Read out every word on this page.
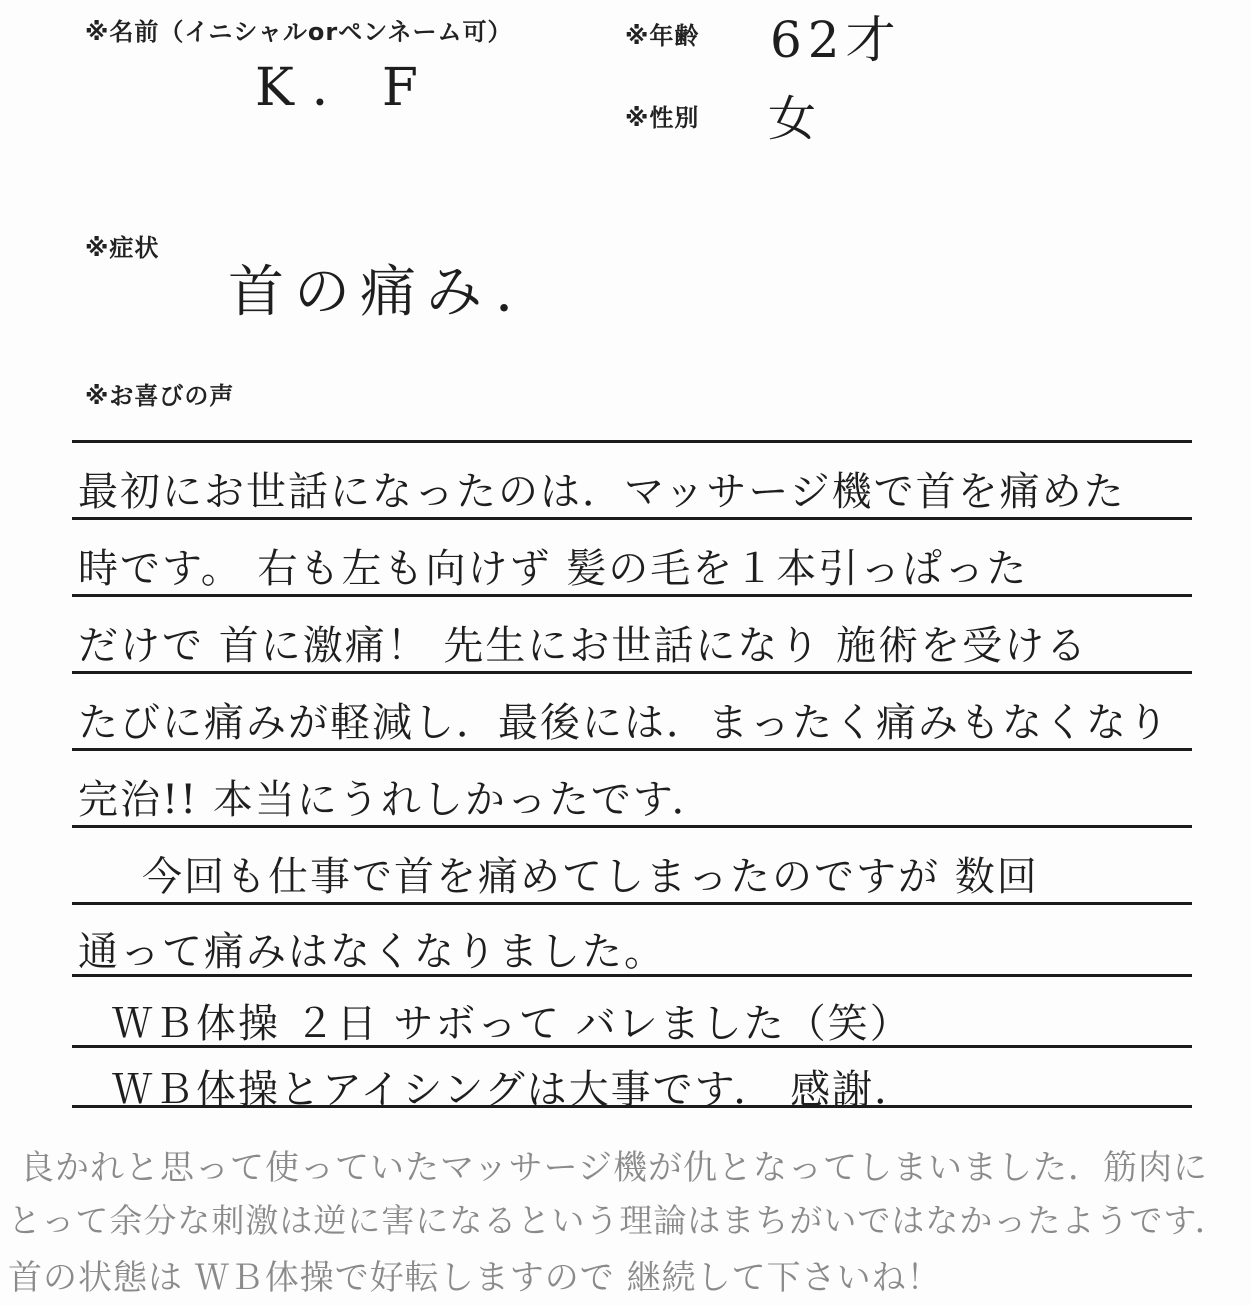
※名前（イニシャルorペンネーム可）
K．F
※年齢 62才
※性別 女
※症状
首の痛み．
※お喜びの声
最初にお世話になったのは．マッサージ機で首を痛めた
時です。 右も左も向けず 髪の毛を１本引っぱった
だけで 首に激痛！ 先生にお世話になり 施術を受ける
たびに痛みが軽減し．最後には．まったく痛みもなくなり
完治!! 本当にうれしかったです．
今回も仕事で首を痛めてしまったのですが 数回
通って痛みはなくなりました。
ＷＢ体操 ２日 サボって バレました（笑）
ＷＢ体操とアイシングは大事です． 感謝．
良かれと思って使っていたマッサージ機が仇となってしまいました．筋肉に
とって余分な刺激は逆に害になるという理論はまちがいではなかったようです．
首の状態は ＷＢ体操で好転しますので 継続して下さいね！
